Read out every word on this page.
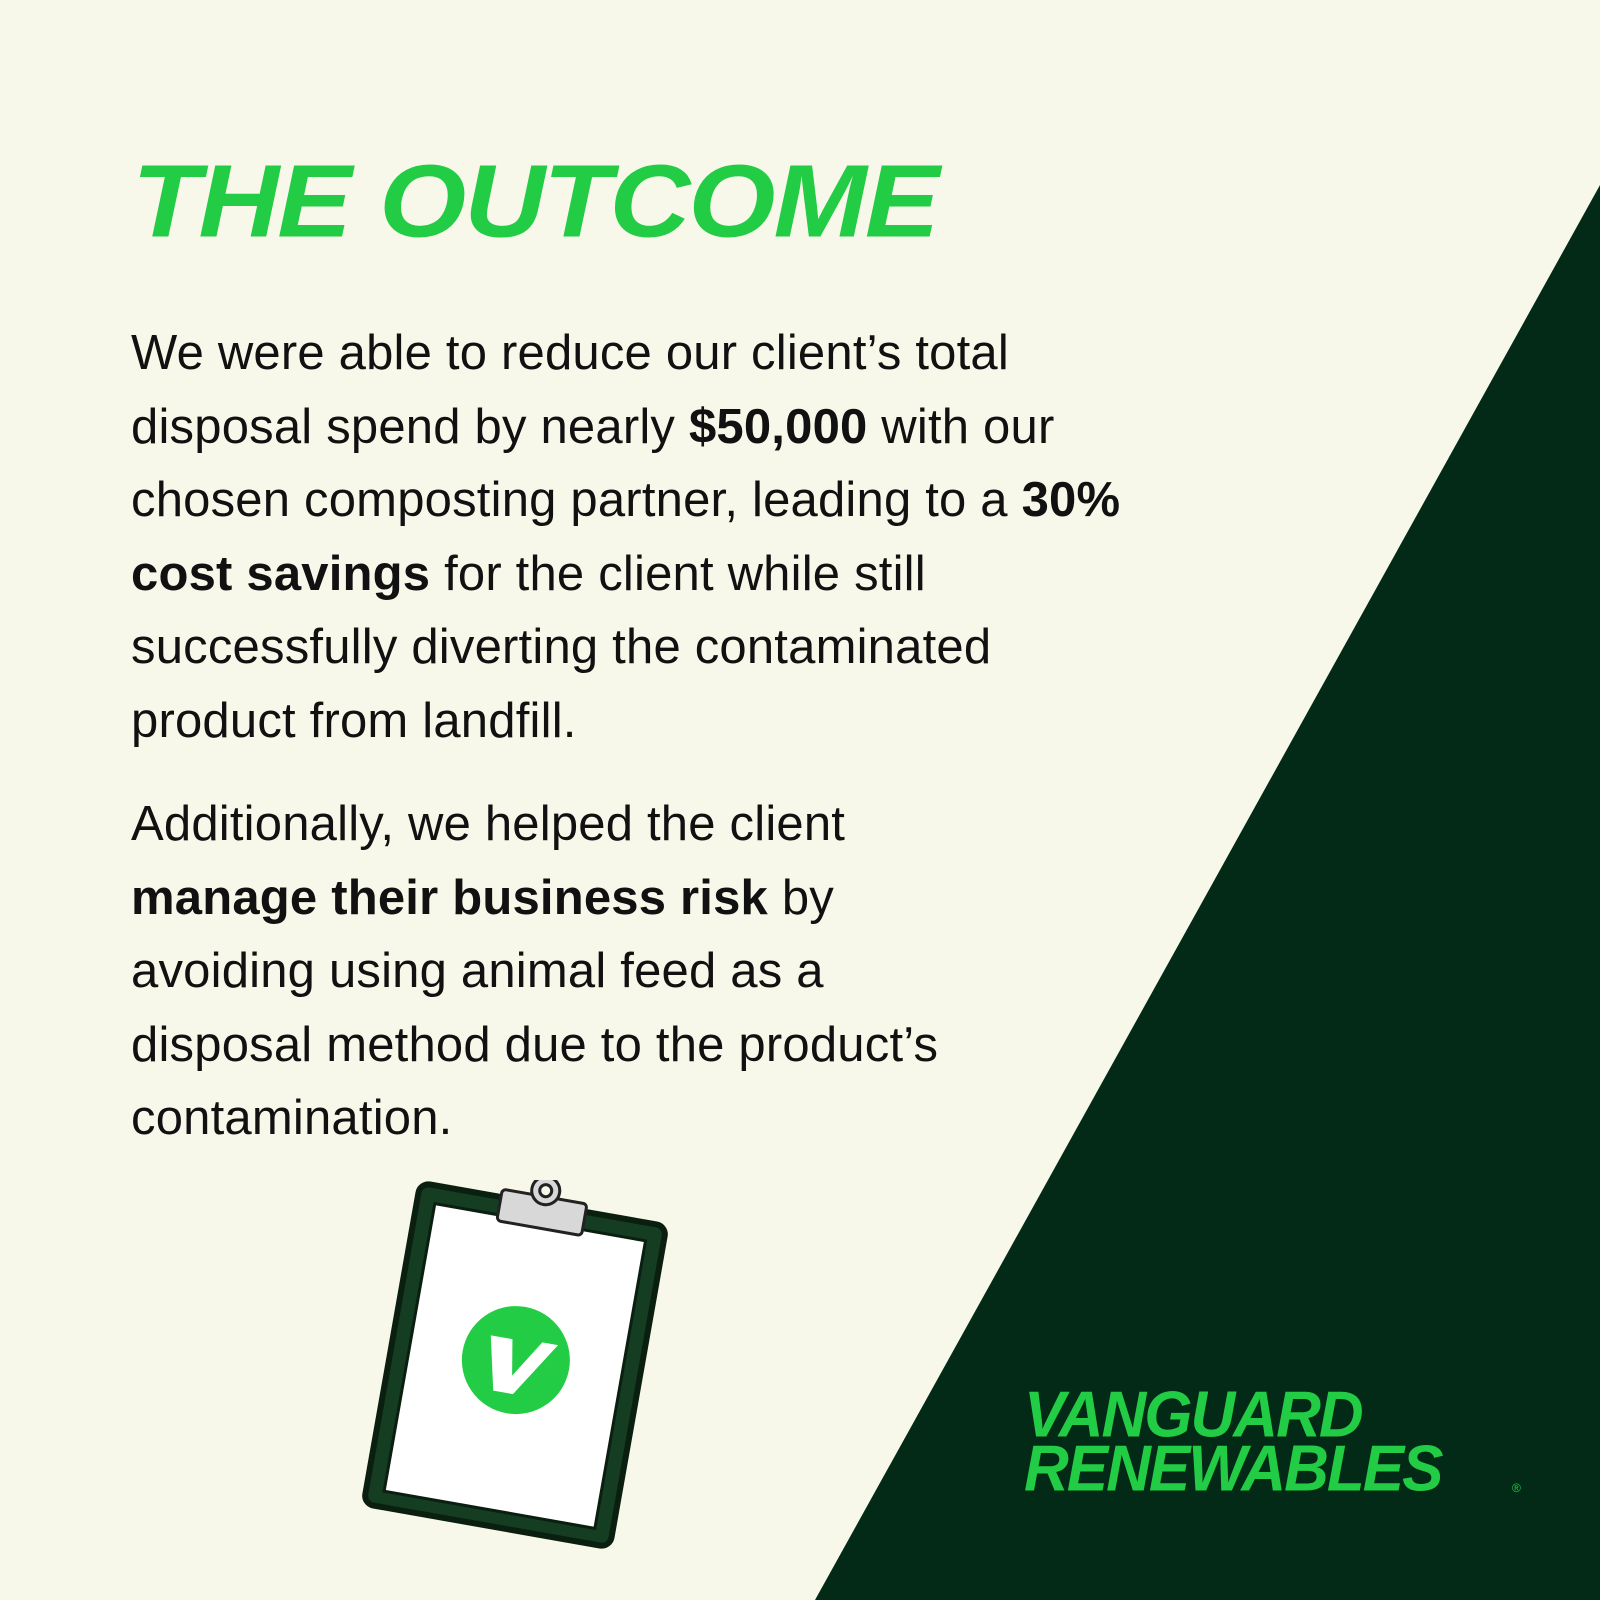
THE OUTCOME

We were able to reduce our client’s total
disposal spend by nearly $50,000 with our
chosen composting partner, leading to a 30%
cost savings for the client while still
successfully diverting the contaminated
product from landfill.

Additionally, we helped the client
manage their business risk by
avoiding using animal feed as a
disposal method due to the product’s
contamination.

VANGUARD
RENEWABLES	®
